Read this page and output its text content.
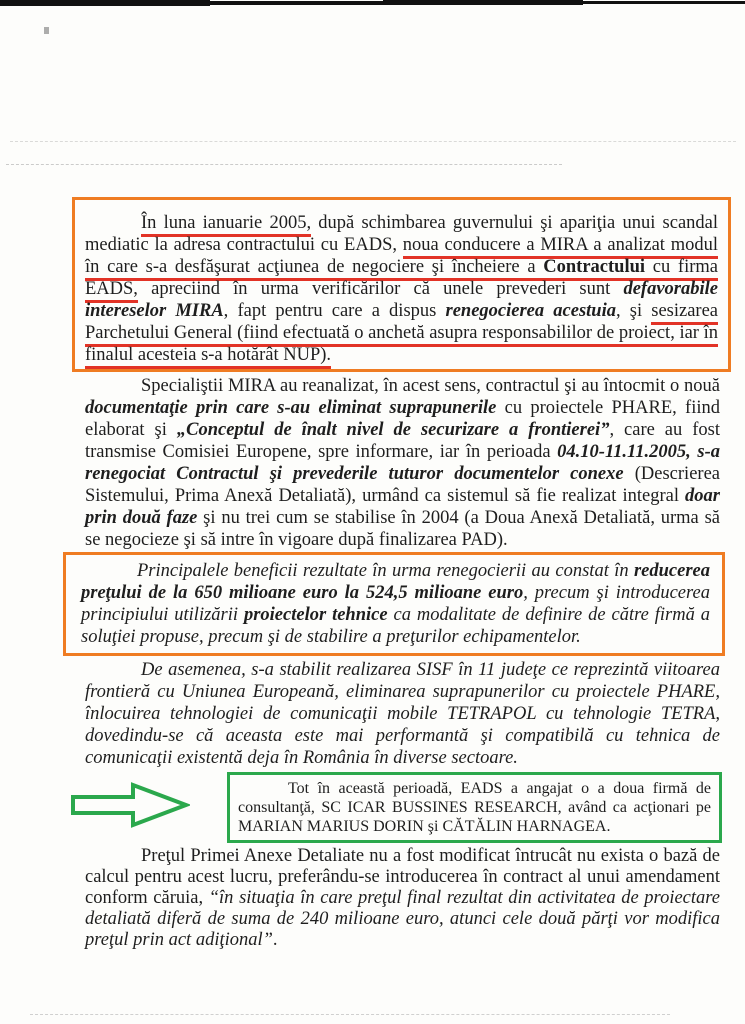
În luna ianuarie 2005, după schimbarea guvernului şi apariţia unui scandal mediatic la adresa contractului cu EADS, noua conducere a MIRA a analizat modul în care s-a desfăşurat acţiunea de negociere şi încheiere a Contractului cu firma EADS, apreciind în urma verificărilor că unele prevederi sunt defavorabile intereselor MIRA, fapt pentru care a dispus renegocierea acestuia, şi sesizarea Parchetului General (fiind efectuată o anchetă asupra responsabililor de proiect, iar în finalul acesteia s-a hotărât NUP).

Specialiştii MIRA au reanalizat, în acest sens, contractul şi au întocmit o nouă documentaţie prin care s-au eliminat suprapunerile cu proiectele PHARE, fiind elaborat şi „Conceptul de înalt nivel de securizare a frontierei”, care au fost transmise Comisiei Europene, spre informare, iar în perioada 04.10-11.11.2005, s-a renegociat Contractul şi prevederile tuturor documentelor conexe (Descrierea Sistemului, Prima Anexă Detaliată), urmând ca sistemul să fie realizat integral doar prin două faze şi nu trei cum se stabilise în 2004 (a Doua Anexă Detaliată, urma să se negocieze şi să intre în vigoare după finalizarea PAD).

Principalele beneficii rezultate în urma renegocierii au constat în reducerea preţului de la 650 milioane euro la 524,5 milioane euro, precum şi introducerea principiului utilizării proiectelor tehnice ca modalitate de definire de către firmă a soluţiei propuse, precum şi de stabilire a preţurilor echipamentelor.

De asemenea, s-a stabilit realizarea SISF în 11 judeţe ce reprezintă viitoarea frontieră cu Uniunea Europeană, eliminarea suprapunerilor cu proiectele PHARE, înlocuirea tehnologiei de comunicaţii mobile TETRAPOL cu tehnologie TETRA, dovedindu-se că aceasta este mai performantă şi compatibilă cu tehnica de comunicaţii existentă deja în România în diverse sectoare.

Tot în această perioadă, EADS a angajat o a doua firmă de consultanţă, SC ICAR BUSSINES RESEARCH, având ca acţionari pe MARIAN MARIUS DORIN şi CĂTĂLIN HARNAGEA.

Preţul Primei Anexe Detaliate nu a fost modificat întrucât nu exista o bază de calcul pentru acest lucru, preferându-se introducerea în contract al unui amendament conform căruia, “în situaţia în care preţul final rezultat din activitatea de proiectare detaliată diferă de suma de 240 milioane euro, atunci cele două părţi vor modifica preţul prin act adiţional”.
